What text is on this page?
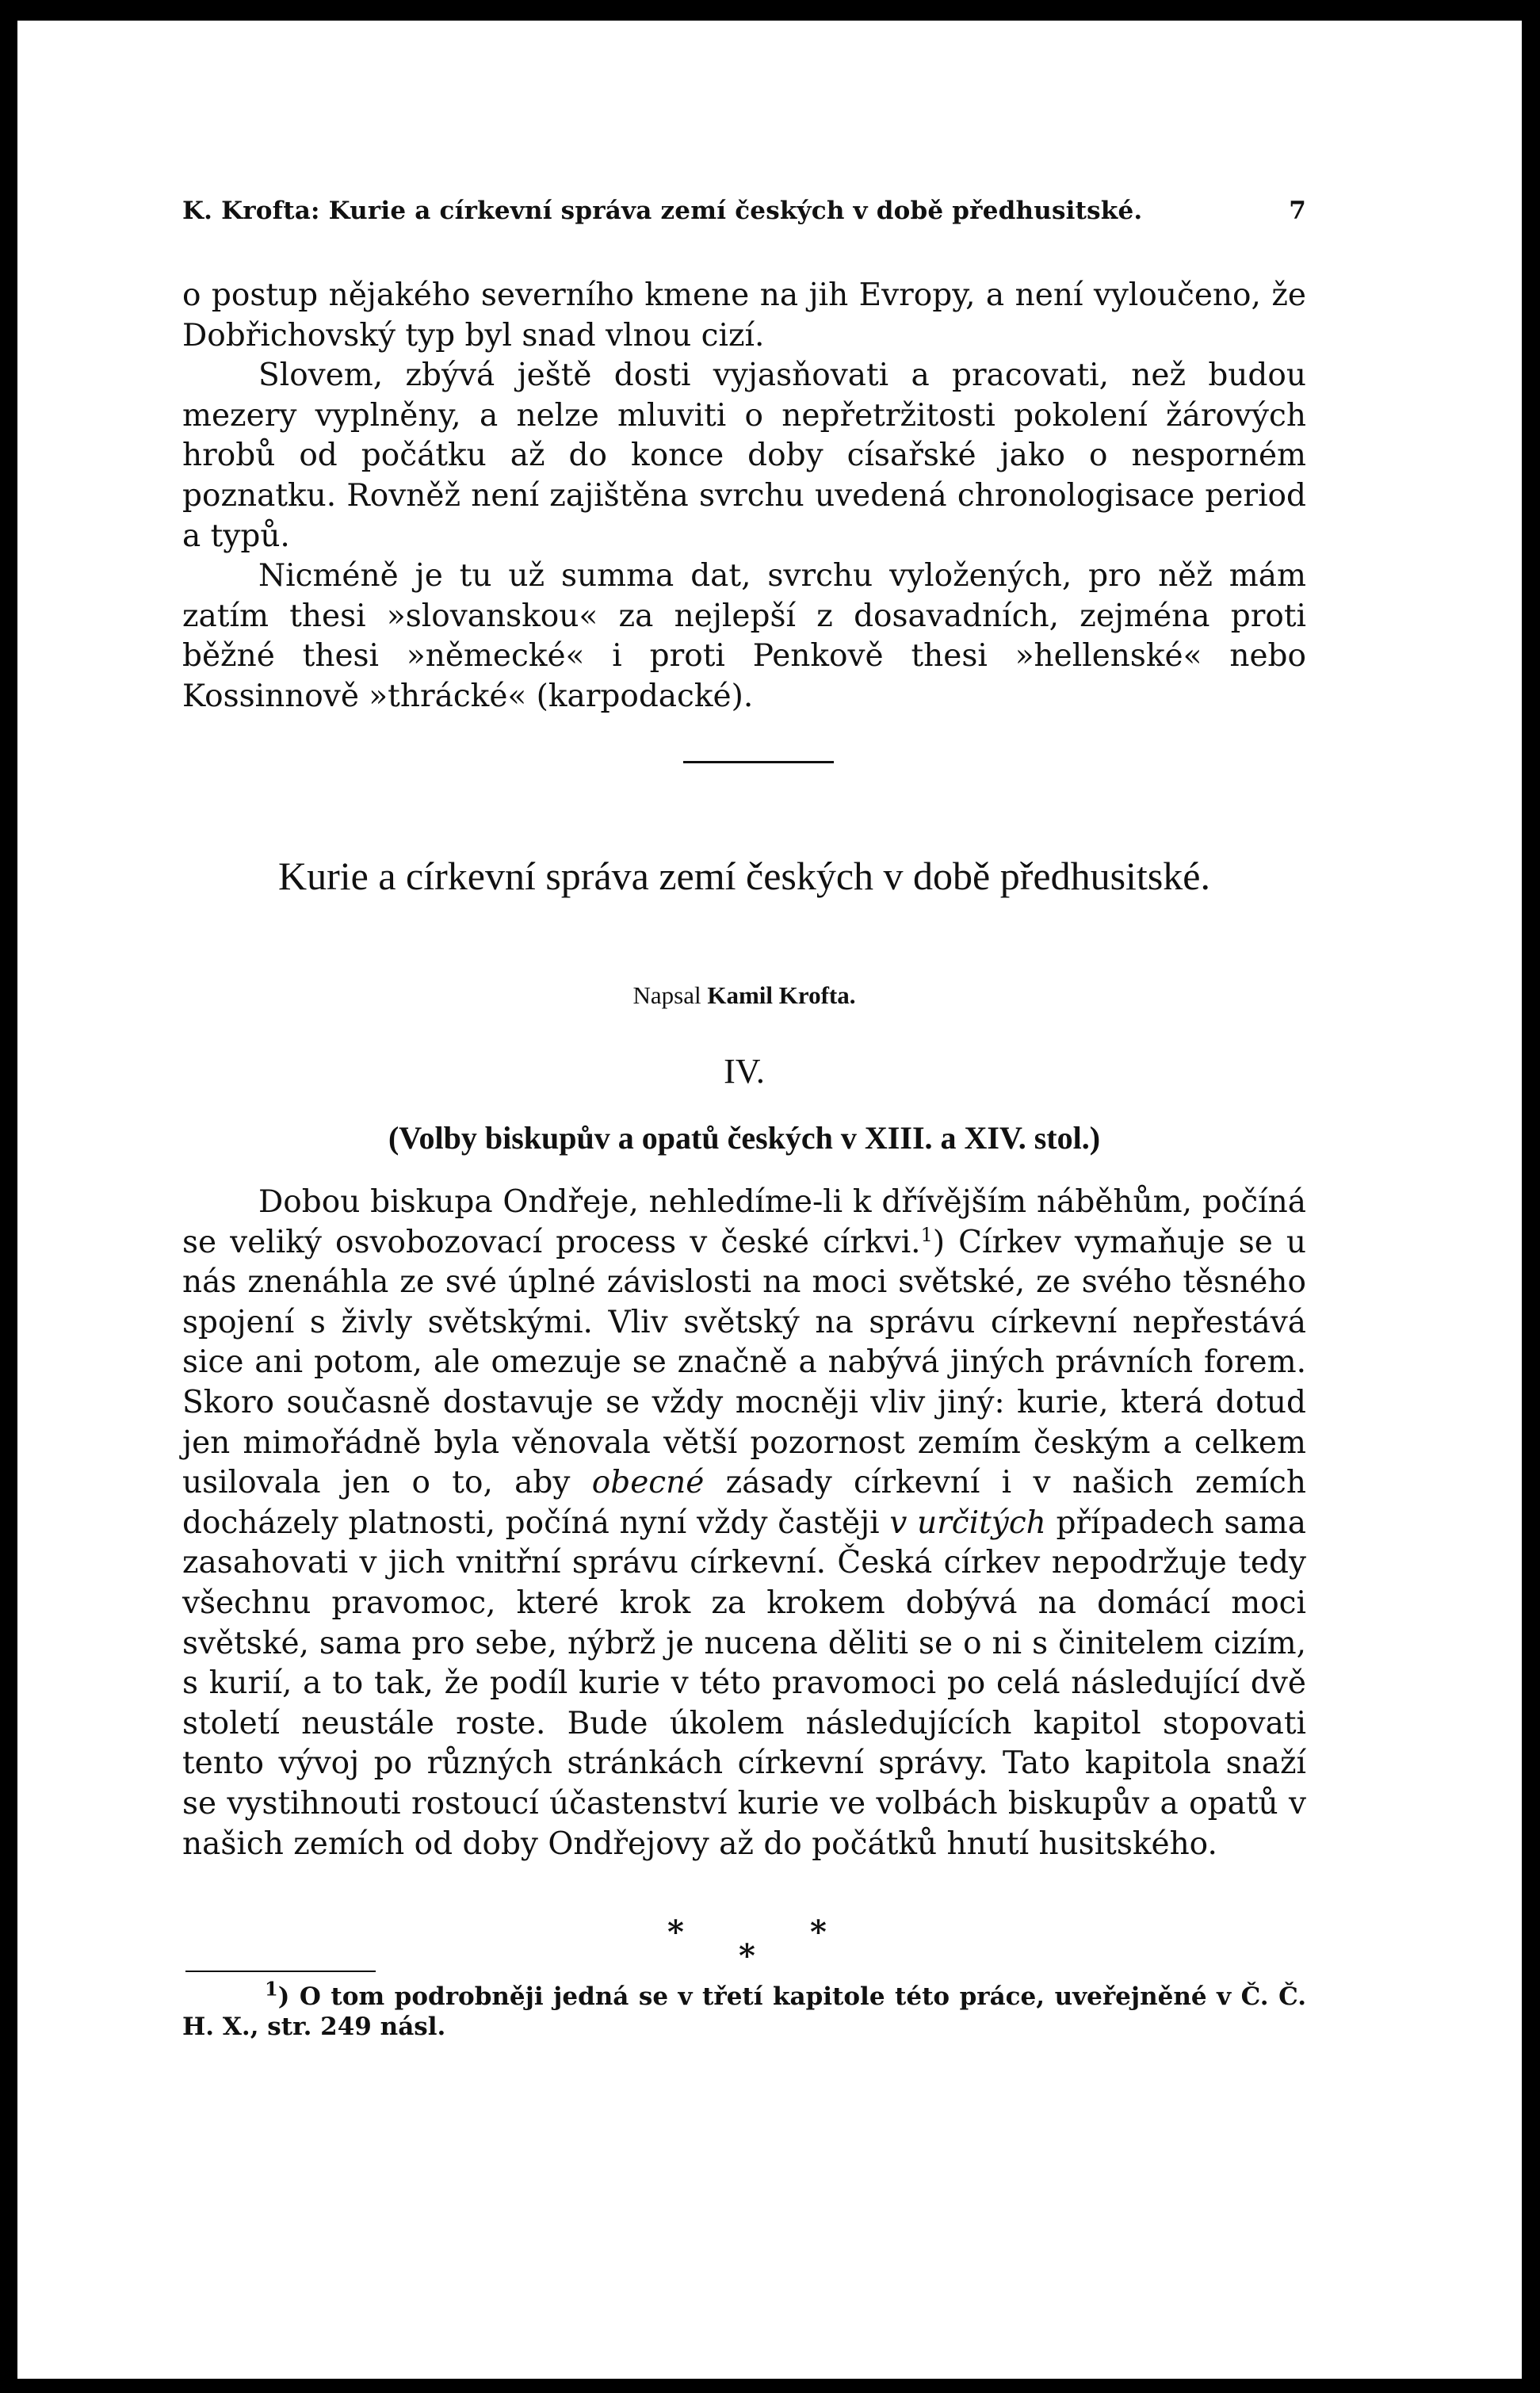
K. Krofta: Kurie a církevní správa zemí českých v době předhusitské.	7

o postup nějakého severního kmene na jih Evropy, a není vyloučeno, že Dobřichovský typ byl snad vlnou cizí.

Slovem, zbývá ještě dosti vyjasňovati a pracovati, než budou mezery vyplněny, a nelze mluviti o nepřetržitosti pokolení žárových hrobů od počátku až do konce doby císařské jako o nesporném poznatku. Rovněž není zajištěna svrchu uvedená chronologisace period a typů.

Nicméně je tu už summa dat, svrchu vyložených, pro něž mám zatím thesi »slovanskou« za nejlepší z dosavadních, zejména proti běžné thesi »německé« i proti Penkově thesi »hellenské« nebo Kossinnově »thrácké« (karpodacké).

Kurie a církevní správa zemí českých v době předhusitské.
Napsal Kamil Krofta.
IV.
(Volby biskupův a opatů českých v XIII. a XIV. stol.)

Dobou biskupa Ondřeje, nehledíme-li k dřívějším náběhům, počíná se veliký osvobozovací process v české církvi.$^1$) Církev vymaňuje se u nás znenáhla ze své úplné závislosti na moci světské, ze svého těsného spojení s živly světskými. Vliv světský na správu církevní nepřestává sice ani potom, ale omezuje se značně a nabývá jiných právních forem. Skoro současně dostavuje se vždy mocněji vliv jiný: kurie, která dotud jen mimořádně byla věnovala větší pozornost zemím českým a celkem usilovala jen o to, aby obecné zásady církevní i v našich zemích docházely platnosti, počíná nyní vždy častěji v určitých případech sama zasahovati v jich vnitřní správu církevní. Česká církev nepodržuje tedy všechnu pravomoc, které krok za krokem dobývá na domácí moci světské, sama pro sebe, nýbrž je nucena děliti se o ni s činitelem cizím, s kurií, a to tak, že podíl kurie v této pravomoci po celá následující dvě století neustále roste. Bude úkolem následujících kapitol stopovati tento vývoj po různých stránkách církevní správy. Tato kapitola snaží se vystihnouti rostoucí účastenství kurie ve volbách biskupův a opatů v našich zemích od doby Ondřejovy až do počátků hnutí husitského.

*
*
*

$^1$) O tom podrobněji jedná se v třetí kapitole této práce, uveřejněné v Č. Č. H. X., str. 249 násl.
